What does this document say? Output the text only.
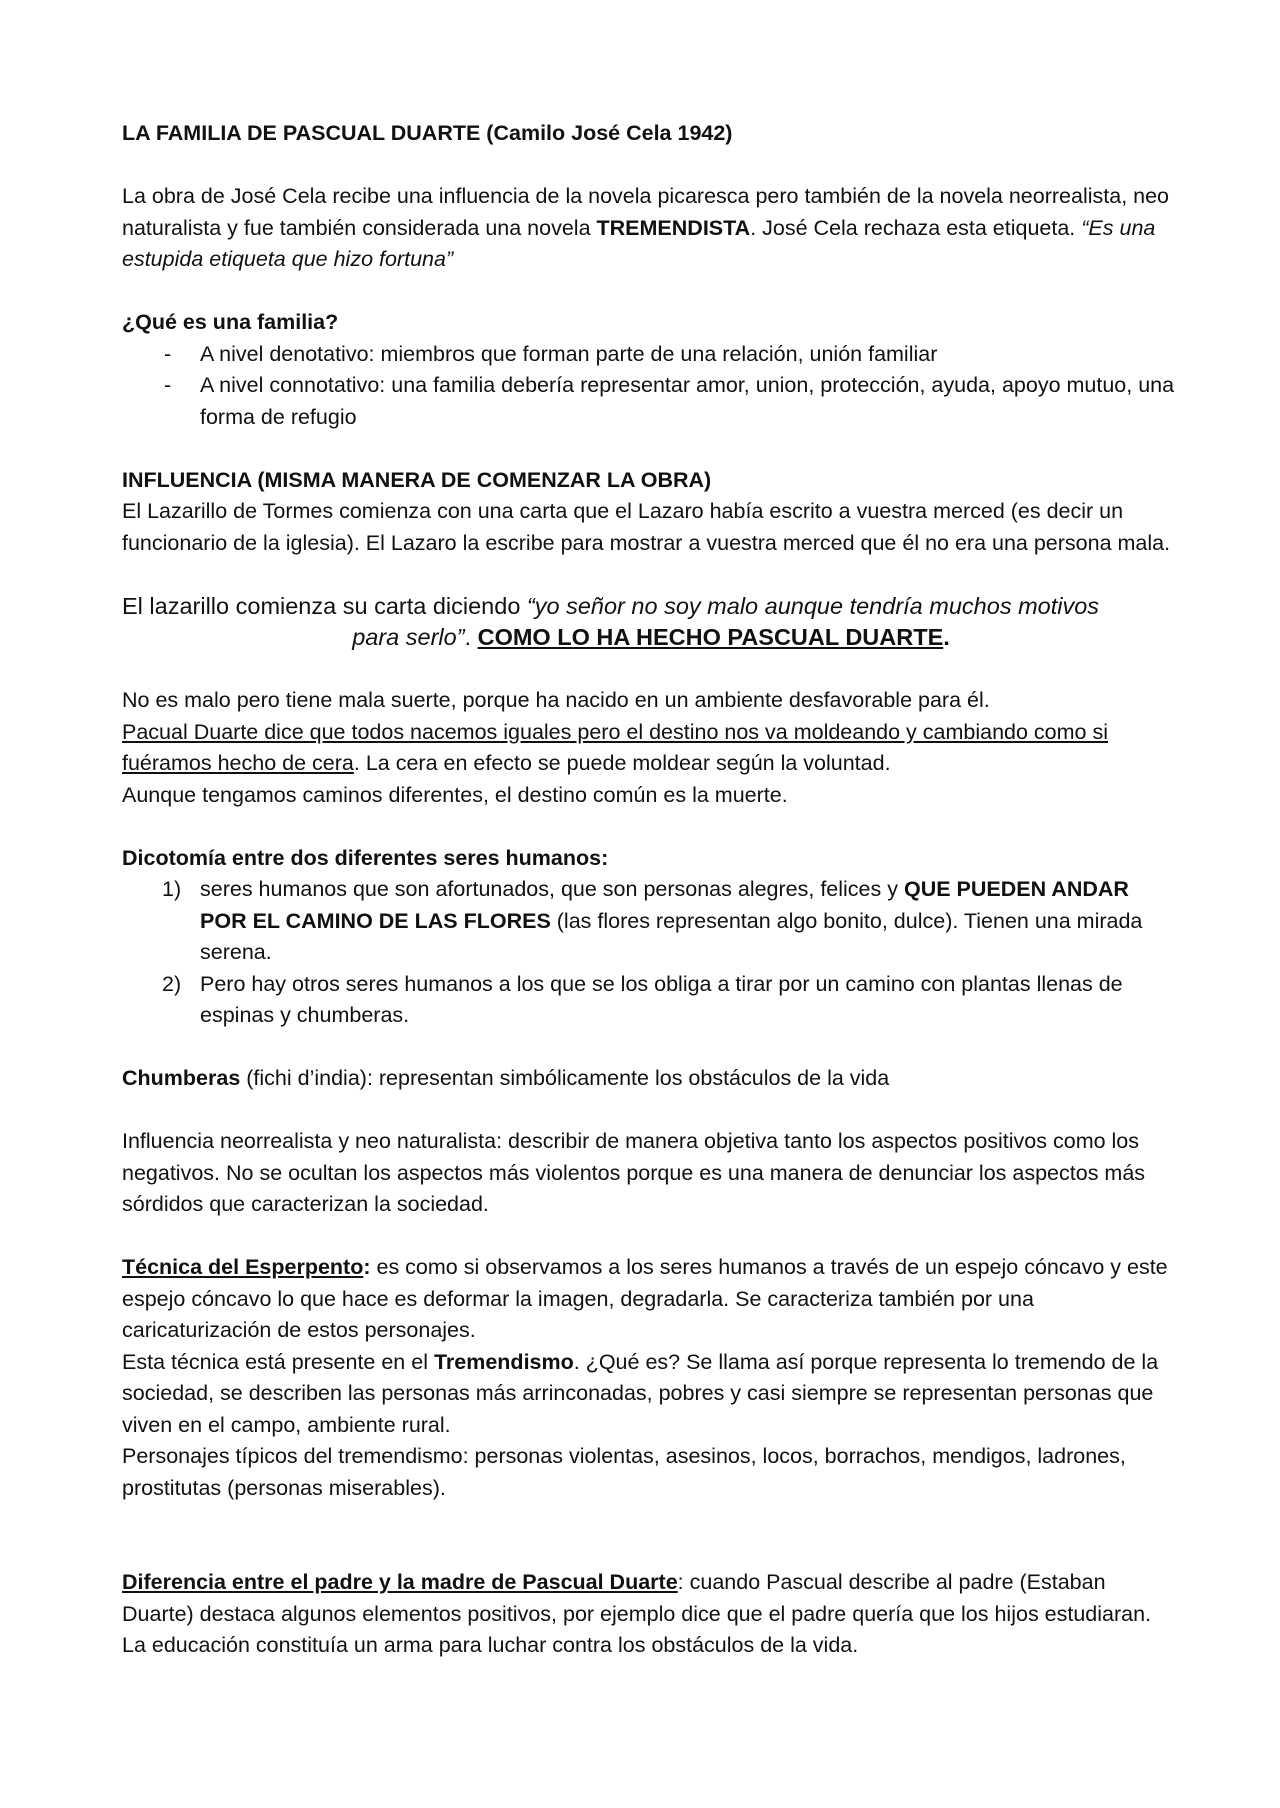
LA FAMILIA DE PASCUAL DUARTE (Camilo José Cela 1942)

La obra de José Cela recibe una influencia de la novela picaresca pero también de la novela neorrealista, neo naturalista y fue también considerada una novela TREMENDISTA. José Cela rechaza esta etiqueta. “Es una estupida etiqueta que hizo fortuna”

¿Qué es una familia?

- A nivel denotativo: miembros que forman parte de una relación, unión familiar
- A nivel connotativo: una familia debería representar amor, union, protección, ayuda, apoyo mutuo, una forma de refugio

INFLUENCIA (MISMA MANERA DE COMENZAR LA OBRA)

El Lazarillo de Tormes comienza con una carta que el Lazaro había escrito a vuestra merced (es decir un funcionario de la iglesia). El Lazaro la escribe para mostrar a vuestra merced que él no era una persona mala.

El lazarillo comienza su carta diciendo “yo señor no soy malo aunque tendría muchos motivos

para serlo”. COMO LO HA HECHO PASCUAL DUARTE.

No es malo pero tiene mala suerte, porque ha nacido en un ambiente desfavorable para él.

Pacual Duarte dice que todos nacemos iguales pero el destino nos va moldeando y cambiando como si fuéramos hecho de cera. La cera en efecto se puede moldear según la voluntad.

Aunque tengamos caminos diferentes, el destino común es la muerte.

Dicotomía entre dos diferentes seres humanos:

1) seres humanos que son afortunados, que son personas alegres, felices y QUE PUEDEN ANDAR POR EL CAMINO DE LAS FLORES (las flores representan algo bonito, dulce). Tienen una mirada serena.
2) Pero hay otros seres humanos a los que se los obliga a tirar por un camino con plantas llenas de espinas y chumberas.

Chumberas (fichi d’india): representan simbólicamente los obstáculos de la vida

Influencia neorrealista y neo naturalista: describir de manera objetiva tanto los aspectos positivos como los negativos. No se ocultan los aspectos más violentos porque es una manera de denunciar los aspectos más sórdidos que caracterizan la sociedad.

Técnica del Esperpento: es como si observamos a los seres humanos a través de un espejo cóncavo y este espejo cóncavo lo que hace es deformar la imagen, degradarla. Se caracteriza también por una caricaturización de estos personajes.

Esta técnica está presente en el Tremendismo. ¿Qué es? Se llama así porque representa lo tremendo de la sociedad, se describen las personas más arrinconadas, pobres y casi siempre se representan personas que viven en el campo, ambiente rural.

Personajes típicos del tremendismo: personas violentas, asesinos, locos, borrachos, mendigos, ladrones, prostitutas (personas miserables).

Diferencia entre el padre y la madre de Pascual Duarte: cuando Pascual describe al padre (Estaban Duarte) destaca algunos elementos positivos, por ejemplo dice que el padre quería que los hijos estudiaran. La educación constituía un arma para luchar contra los obstáculos de la vida.
